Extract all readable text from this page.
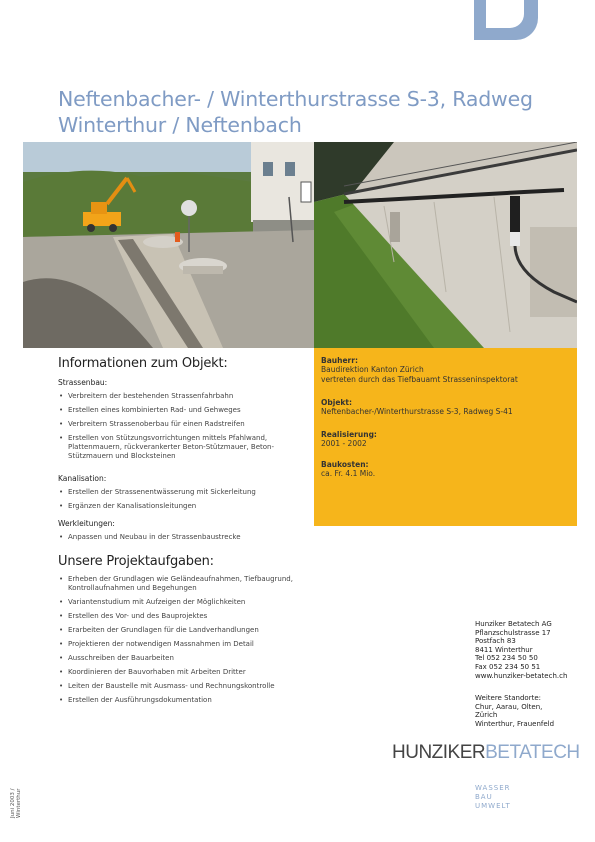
Neftenbacher- / Winterthurstrasse S-3, Radweg
Winterthur / Neftenbach
Bauherr:
Baudirektion Kanton Zürich
vertreten durch das Tiefbauamt Strasseninspektorat
Objekt:
Neftenbacher-/Winterthurstrasse S-3, Radweg S-41
Realisierung:
2001 - 2002
Baukosten:
ca. Fr. 4.1 Mio.
Informationen zum Objekt:

Strassenbau:

• Verbreitern der bestehenden Strassenfahrbahn
• Erstellen eines kombinierten Rad- und Gehweges
• Verbreitern Strassenoberbau für einen Radstreifen
• Erstellen von Stützungsvorrichtungen mittels Pfahlwand, Plattenmauern, rückverankerter Beton-Stützmauer, Beton-Stützmauern und Blocksteinen

Kanalisation:

• Erstellen der Strassenentwässerung mit Sickerleitung
• Ergänzen der Kanalisationsleitungen

Werkleitungen:

• Anpassen und Neubau in der Strassenbaustrecke
Unsere Projektaufgaben:
• Erheben der Grundlagen wie Geländeaufnahmen, Tiefbaugrund, Kontrollaufnahmen und Begehungen
• Variantenstudium mit Aufzeigen der Möglichkeiten
• Erstellen des Vor- und des Bauprojektes
• Erarbeiten der Grundlagen für die Landverhandlungen
• Projektieren der notwendigen Massnahmen im Detail
• Ausschreiben der Bauarbeiten
• Koordinieren der Bauvorhaben mit Arbeiten Dritter
• Leiten der Baustelle mit Ausmass- und Rechnungskontrolle
• Erstellen der Ausführungsdokumentation
Hunziker Betatech AG
Pflanzschulstrasse 17
Postfach 83
8411 Winterthur
Tel 052 234 50 50
Fax 052 234 50 51
www.hunziker-betatech.ch
Weitere Standorte:
Chur, Aarau, Olten,
Zürich
Winterthur, Frauenfeld
HUNZIKERBETATECH
WASSER
BAU
UMWELT
Juni 2003 / Winterthur
